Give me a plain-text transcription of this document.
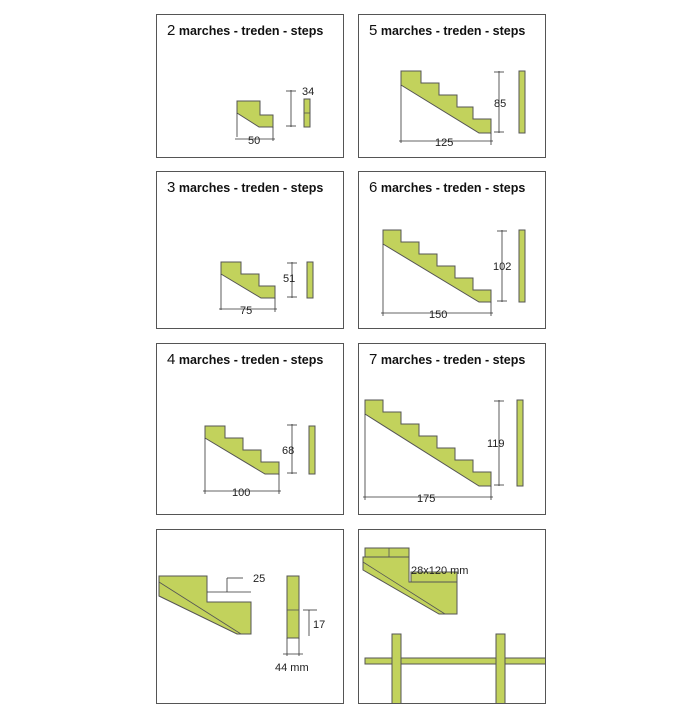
2 marches - treden - steps
50
34
5 marches - treden - steps
125
85
3 marches - treden - steps
75
51
6 marches - treden - steps
150
102
4 marches - treden - steps
100
68
7 marches - treden - steps
175
119
25
17
44 mm
28x120 mm
